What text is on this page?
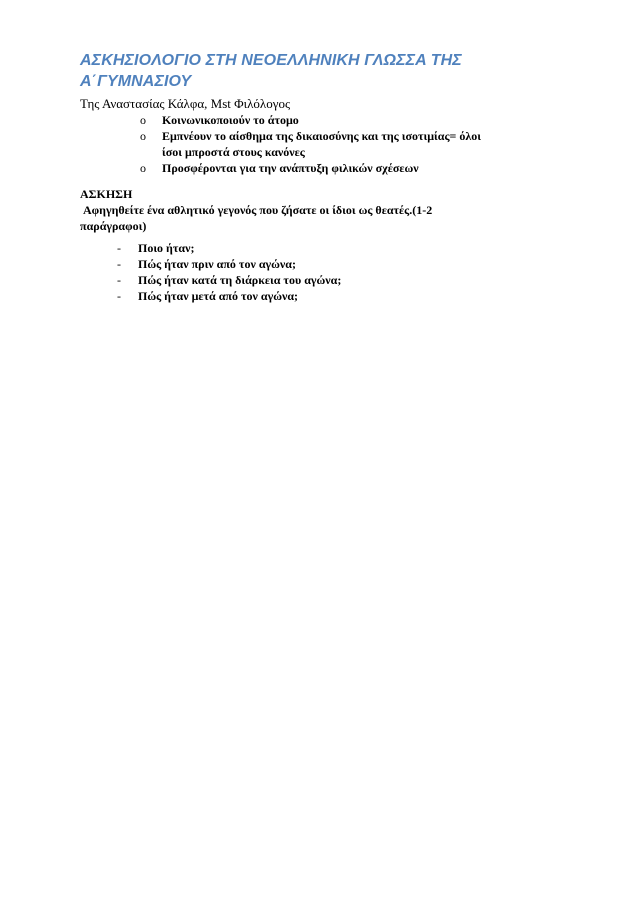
ΑΣΚΗΣΙΟΛΟΓΙΟ ΣΤΗ ΝΕΟΕΛΛΗΝΙΚΗ ΓΛΩΣΣΑ ΤΗΣ
Α΄ΓΥΜΝΑΣΙΟΥ
Της Αναστασίας Κάλφα, Mst Φιλόλογος
o Κοινωνικοποιούν το άτομο
o Εμπνέουν το αίσθημα της δικαιοσύνης και της ισοτιμίας= όλοι
ίσοι μπροστά στους κανόνες
o Προσφέρονται για την ανάπτυξη φιλικών σχέσεων
ΑΣΚΗΣΗ
Αφηγηθείτε ένα αθλητικό γεγονός που ζήσατε οι ίδιοι ως θεατές.(1-2
παράγραφοι)
- Ποιο ήταν;
- Πώς ήταν πριν από τον αγώνα;
- Πώς ήταν κατά τη διάρκεια του αγώνα;
- Πώς ήταν μετά από τον αγώνα;
